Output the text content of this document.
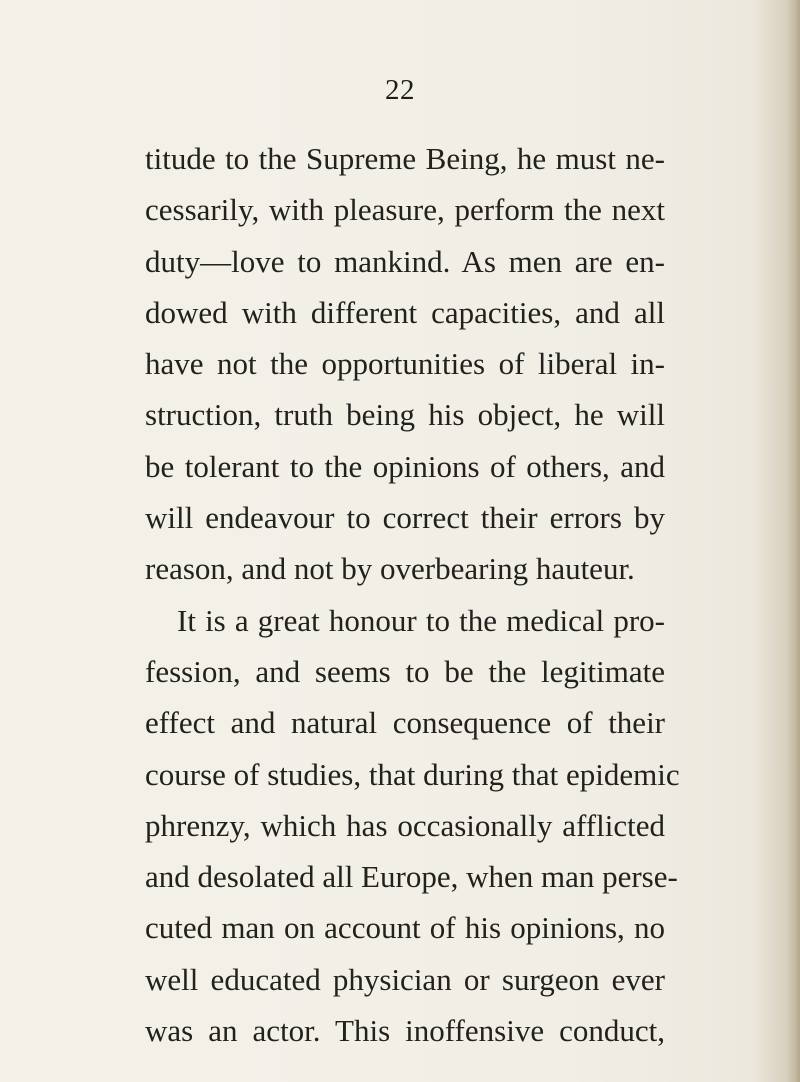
22
titude to the Supreme Being, he must ne-
cessarily, with pleasure, perform the next
duty—love to mankind. As men are en-
dowed with different capacities, and all
have not the opportunities of liberal in-
struction, truth being his object, he will
be tolerant to the opinions of others, and
will endeavour to correct their errors by
reason, and not by overbearing hauteur.
It is a great honour to the medical pro-
fession, and seems to be the legitimate
effect and natural consequence of their
course of studies, that during that epidemic
phrenzy, which has occasionally afflicted
and desolated all Europe, when man perse-
cuted man on account of his opinions, no
well educated physician or surgeon ever
was an actor. This inoffensive conduct,
